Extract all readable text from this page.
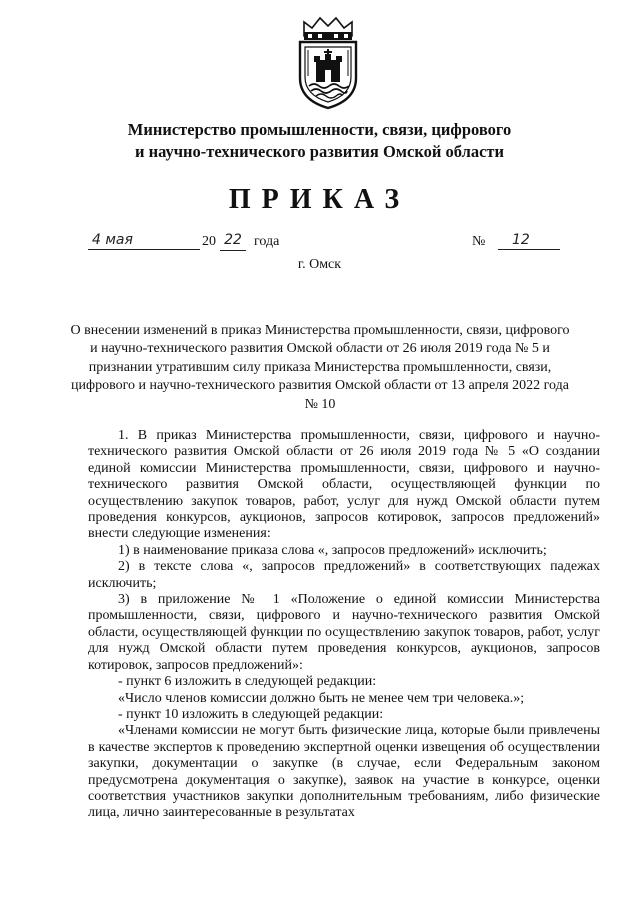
Министерство промышленности, связи, цифрового
и научно-технического развития Омской области
ПРИКАЗ
4 мая	20 22 года	№	12
г. Омск
О внесении изменений в приказ Министерства промышленности, связи, цифрового и научно-технического развития Омской области от 26 июля 2019 года № 5 и признании утратившим силу приказа Министерства промышленности, связи, цифрового и научно-технического развития Омской области от 13 апреля 2022 года № 10

1. В приказ Министерства промышленности, связи, цифрового и научно-технического развития Омской области от 26 июля 2019 года № 5 «О создании единой комиссии Министерства промышленности, связи, цифрового и научно-технического развития Омской области, осуществляющей функции по осуществлению закупок товаров, работ, услуг для нужд Омской области путем проведения конкурсов, аукционов, запросов котировок, запросов предложений» внести следующие изменения:

1) в наименование приказа слова «, запросов предложений» исключить;

2) в тексте слова «, запросов предложений» в соответствующих падежах исключить;

3) в приложение № 1 «Положение о единой комиссии Министерства промышленности, связи, цифрового и научно-технического развития Омской области, осуществляющей функции по осуществлению закупок товаров, работ, услуг для нужд Омской области путем проведения конкурсов, аукционов, запросов котировок, запросов предложений»:

- пункт 6 изложить в следующей редакции:

«Число членов комиссии должно быть не менее чем три человека.»;

- пункт 10 изложить в следующей редакции:

«Членами комиссии не могут быть физические лица, которые были привлечены в качестве экспертов к проведению экспертной оценки извещения об осуществлении закупки, документации о закупке (в случае, если Федеральным законом предусмотрена документация о закупке), заявок на участие в конкурсе, оценки соответствия участников закупки дополнительным требованиям, либо физические лица, лично заинтересованные в результатах
